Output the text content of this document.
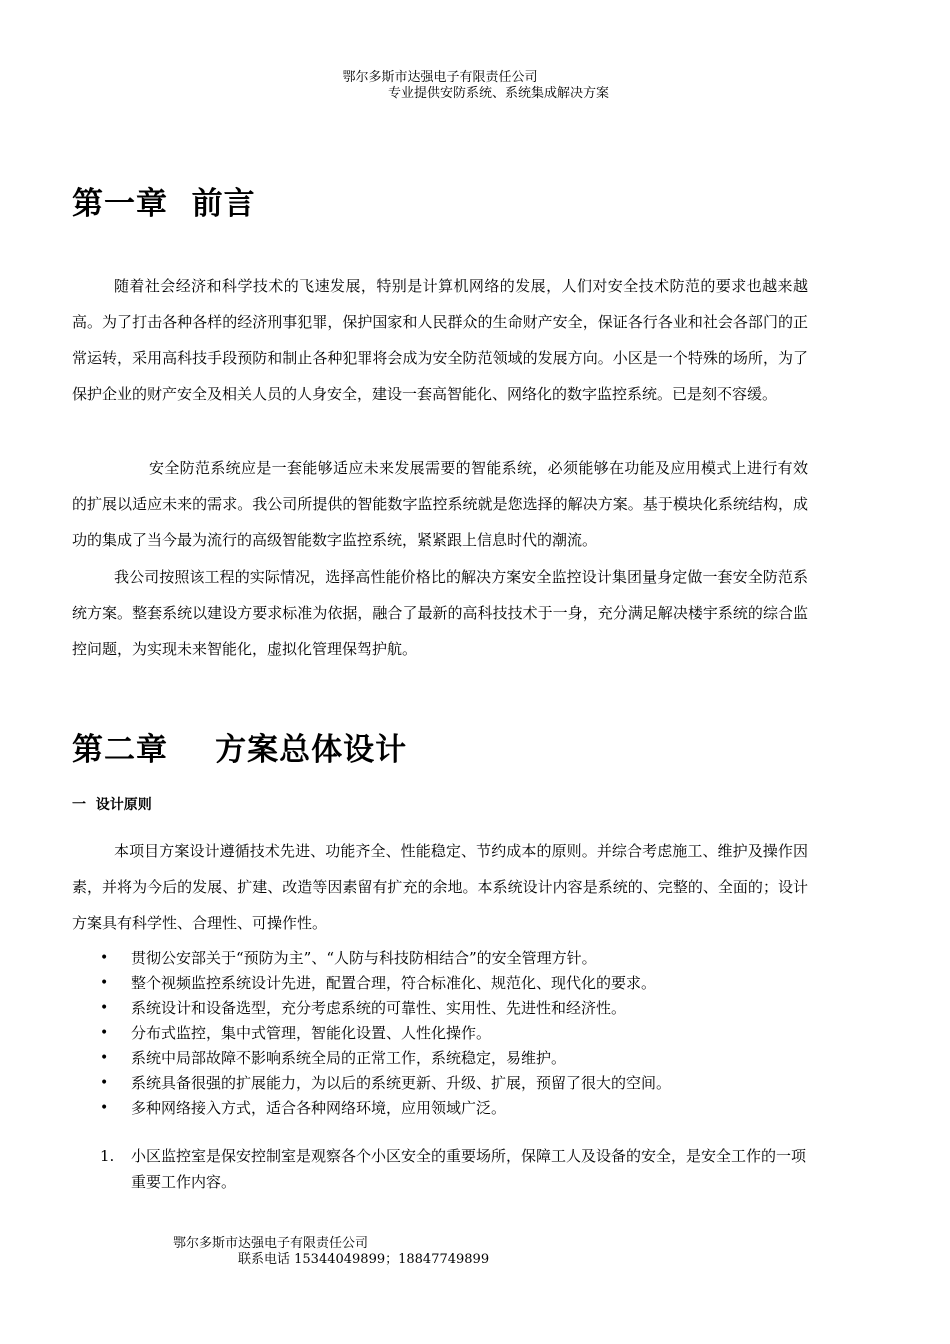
鄂尔多斯市达强电子有限责任公司
专业提供安防系统、系统集成解决方案
第一章  前言
随着社会经济和科学技术的飞速发展，特别是计算机网络的发展，人们对安全技术防范的要求也越来越高。为了打击各种各样的经济刑事犯罪，保护国家和人民群众的生命财产安全，保证各行各业和社会各部门的正常运转，采用高科技手段预防和制止各种犯罪将会成为安全防范领域的发展方向。小区是一个特殊的场所，为了保护企业的财产安全及相关人员的人身安全，建设一套高智能化、网络化的数字监控系统。已是刻不容缓。
安全防范系统应是一套能够适应未来发展需要的智能系统，必须能够在功能及应用模式上进行有效的扩展以适应未来的需求。我公司所提供的智能数字监控系统就是您选择的解决方案。基于模块化系统结构，成功的集成了当今最为流行的高级智能数字监控系统，紧紧跟上信息时代的潮流。
我公司按照该工程的实际情况，选择高性能价格比的解决方案安全监控设计集团量身定做一套安全防范系统方案。整套系统以建设方要求标准为依据，融合了最新的高科技技术于一身，充分满足解决楼宇系统的综合监控问题，为实现未来智能化，虚拟化管理保驾护航。
第二章    方案总体设计
一  设计原则
本项目方案设计遵循技术先进、功能齐全、性能稳定、节约成本的原则。并综合考虑施工、维护及操作因素，并将为今后的发展、扩建、改造等因素留有扩充的余地。本系统设计内容是系统的、完整的、全面的；设计方案具有科学性、合理性、可操作性。
• 贯彻公安部关于“预防为主”、“人防与科技防相结合”的安全管理方针。
• 整个视频监控系统设计先进，配置合理，符合标准化、规范化、现代化的要求。
• 系统设计和设备选型，充分考虑系统的可靠性、实用性、先进性和经济性。
• 分布式监控，集中式管理，智能化设置、人性化操作。
• 系统中局部故障不影响系统全局的正常工作，系统稳定，易维护。
• 系统具备很强的扩展能力，为以后的系统更新、升级、扩展，预留了很大的空间。
• 多种网络接入方式，适合各种网络环境，应用领域广泛。
1.	小区监控室是保安控制室是观察各个小区安全的重要场所，保障工人及设备的安全，是安全工作的一项重要工作内容。
鄂尔多斯市达强电子有限责任公司
联系电话 15344049899；18847749899
